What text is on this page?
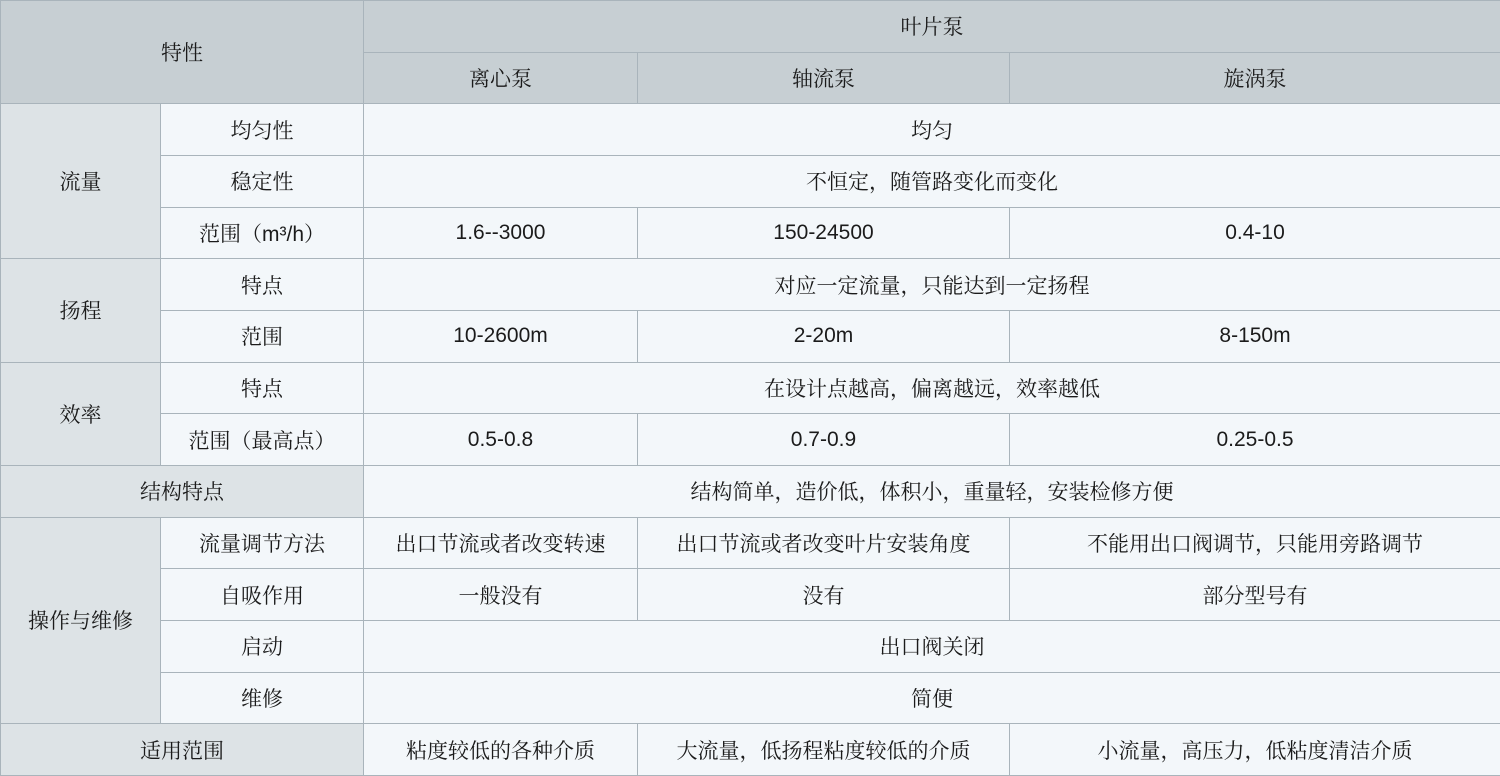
特性		叶片泵		
		离心泵	轴流泵	旋涡泵
流量	均匀性	均匀		
	稳定性	不恒定，随管路变化而变化		
	范围（m³/h）	1.6--3000	150-24500	0.4-10
扬程	特点	对应一定流量，只能达到一定扬程		
	范围	10-2600m	2-20m	8-150m
效率	特点	在设计点越高，偏离越远，效率越低		
	范围（最高点）	0.5-0.8	0.7-0.9	0.25-0.5
结构特点		结构简单，造价低，体积小，重量轻，安装检修方便		
操作与维修	流量调节方法	出口节流或者改变转速	出口节流或者改变叶片安装角度	不能用出口阀调节，只能用旁路调节
	自吸作用	一般没有	没有	部分型号有
	启动	出口阀关闭		
	维修	简便		
适用范围		粘度较低的各种介质	大流量，低扬程粘度较低的介质	小流量，高压力，低粘度清洁介质
